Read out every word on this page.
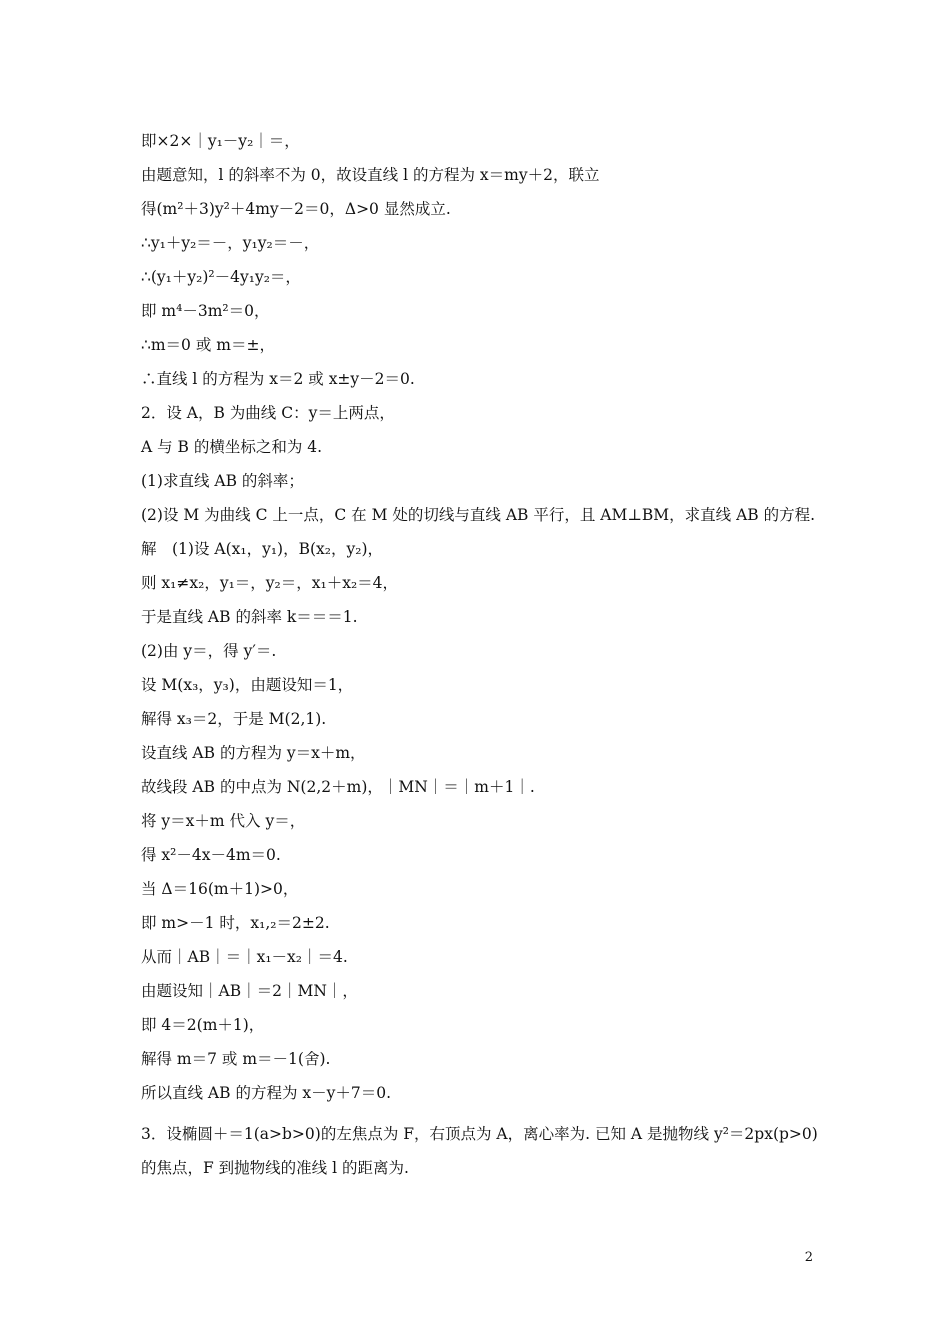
即×2×｜y₁－y₂｜＝，
由题意知，l 的斜率不为 0，故设直线 l 的方程为 x＝my＋2，联立
得(m²＋3)y²＋4my－2＝0，Δ>0 显然成立.
∴y₁＋y₂＝－，y₁y₂＝－，
∴(y₁＋y₂)²－4y₁y₂＝，
即 m⁴－3m²＝0，
∴m＝0 或 m＝±，
∴直线 l 的方程为 x＝2 或 x±y－2＝0.
2．设 A，B 为曲线 C：y＝上两点，
A 与 B 的横坐标之和为 4.
(1)求直线 AB 的斜率；
(2)设 M 为曲线 C 上一点，C 在 M 处的切线与直线 AB 平行，且 AM⊥BM，求直线 AB 的方程.
解　(1)设 A(x₁，y₁)，B(x₂，y₂)，
则 x₁≠x₂，y₁＝，y₂＝，x₁＋x₂＝4，
于是直线 AB 的斜率 k＝＝＝1.
(2)由 y＝，得 y′＝.
设 M(x₃，y₃)，由题设知＝1，
解得 x₃＝2，于是 M(2,1).
设直线 AB 的方程为 y＝x＋m，
故线段 AB 的中点为 N(2,2＋m)，｜MN｜＝｜m＋1｜.
将 y＝x＋m 代入 y＝，
得 x²－4x－4m＝0.
当 Δ＝16(m＋1)>0，
即 m>－1 时，x₁,₂＝2±2.
从而｜AB｜＝｜x₁－x₂｜＝4.
由题设知｜AB｜＝2｜MN｜，
即 4＝2(m＋1)，
解得 m＝7 或 m＝－1(舍).
所以直线 AB 的方程为 x－y＋7＝0.
3．设椭圆＋＝1(a>b>0)的左焦点为 F，右顶点为 A，离心率为. 已知 A 是抛物线 y²＝2px(p>0)的焦点，F 到抛物线的准线 l 的距离为.
2
